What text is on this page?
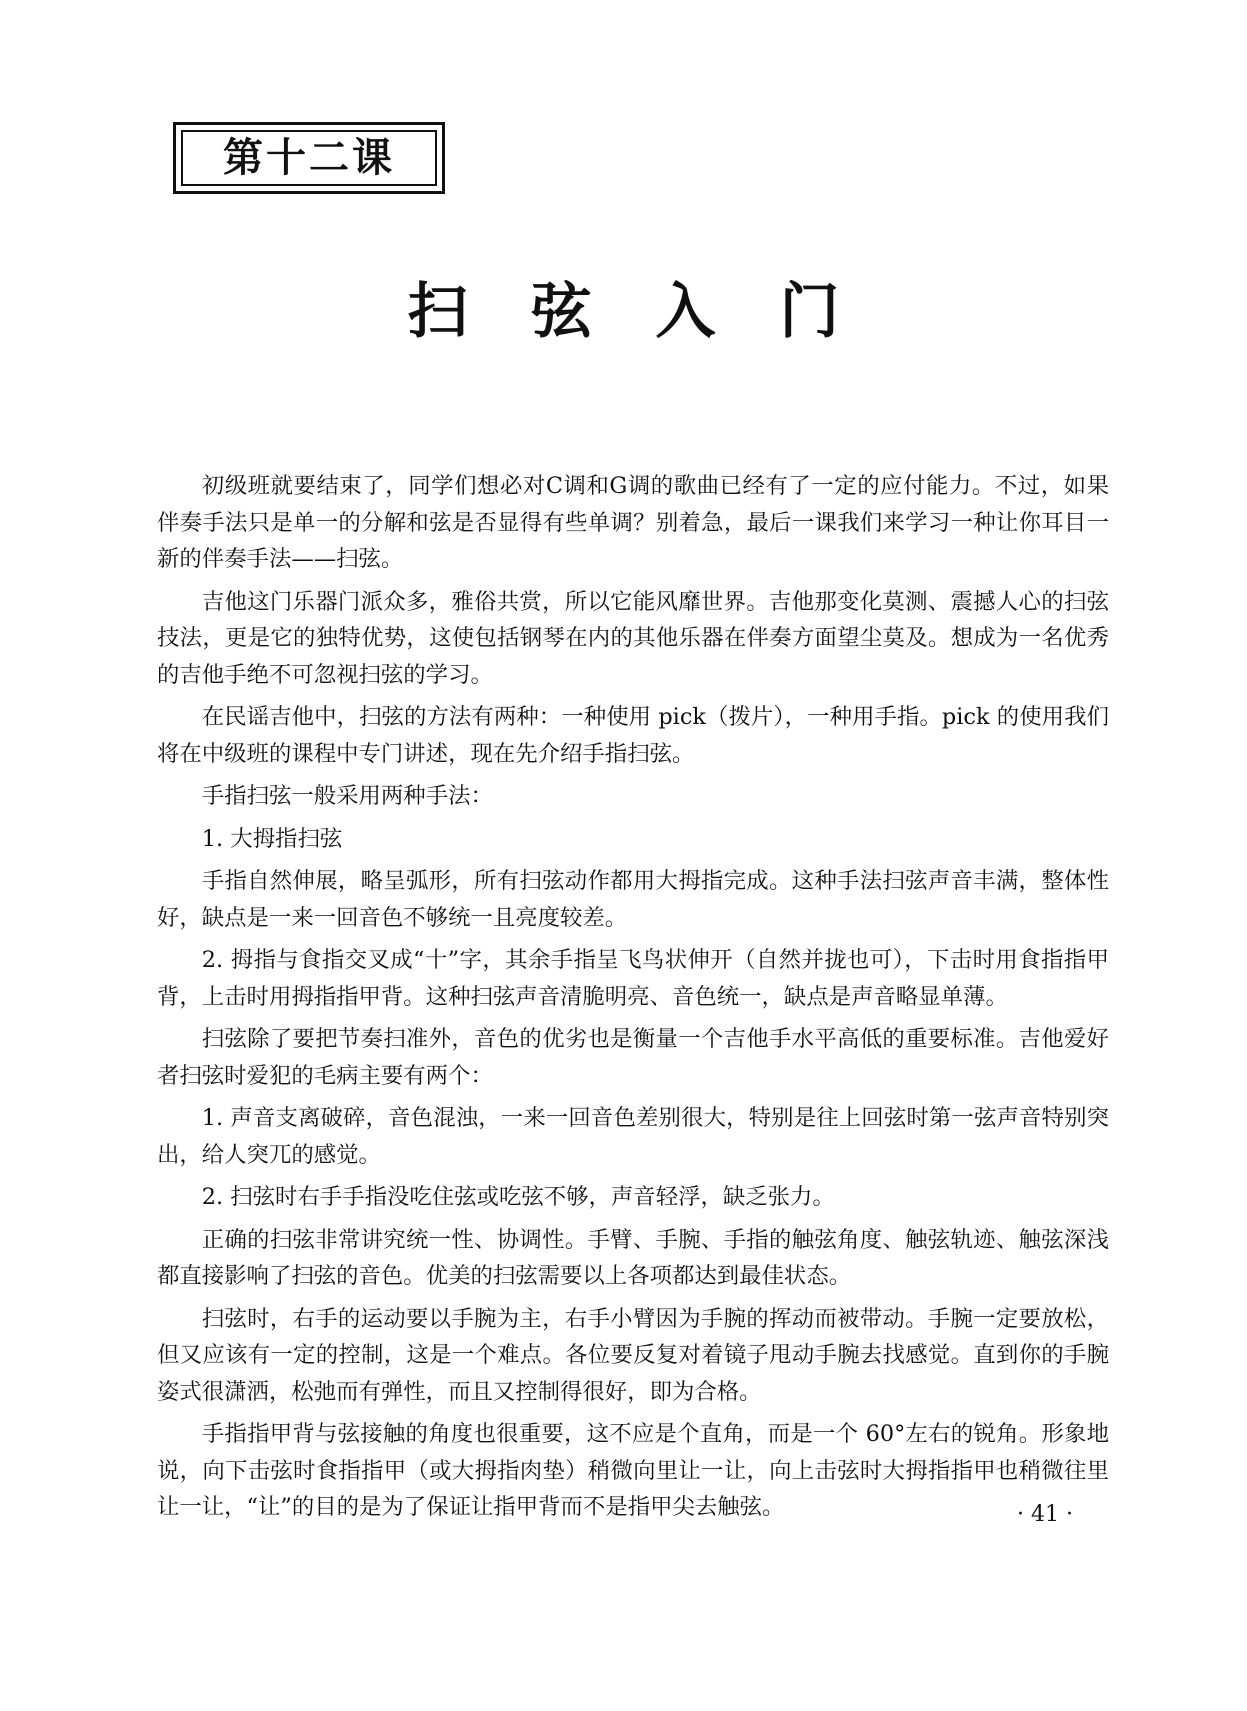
第十二课
扫弦入门

初级班就要结束了，同学们想必对C调和G调的歌曲已经有了一定的应付能力。不过，如果伴奏手法只是单一的分解和弦是否显得有些单调？别着急，最后一课我们来学习一种让你耳目一新的伴奏手法——扫弦。

吉他这门乐器门派众多，雅俗共赏，所以它能风靡世界。吉他那变化莫测、震撼人心的扫弦技法，更是它的独特优势，这使包括钢琴在内的其他乐器在伴奏方面望尘莫及。想成为一名优秀的吉他手绝不可忽视扫弦的学习。

在民谣吉他中，扫弦的方法有两种：一种使用 pick（拨片），一种用手指。pick 的使用我们将在中级班的课程中专门讲述，现在先介绍手指扫弦。

手指扫弦一般采用两种手法：

1. 大拇指扫弦

手指自然伸展，略呈弧形，所有扫弦动作都用大拇指完成。这种手法扫弦声音丰满，整体性好，缺点是一来一回音色不够统一且亮度较差。

2. 拇指与食指交叉成“十”字，其余手指呈飞鸟状伸开（自然并拢也可），下击时用食指指甲背，上击时用拇指指甲背。这种扫弦声音清脆明亮、音色统一，缺点是声音略显单薄。

扫弦除了要把节奏扫准外，音色的优劣也是衡量一个吉他手水平高低的重要标准。吉他爱好者扫弦时爱犯的毛病主要有两个：

1. 声音支离破碎，音色混浊，一来一回音色差别很大，特别是往上回弦时第一弦声音特别突出，给人突兀的感觉。

2. 扫弦时右手手指没吃住弦或吃弦不够，声音轻浮，缺乏张力。

正确的扫弦非常讲究统一性、协调性。手臂、手腕、手指的触弦角度、触弦轨迹、触弦深浅都直接影响了扫弦的音色。优美的扫弦需要以上各项都达到最佳状态。

扫弦时，右手的运动要以手腕为主，右手小臂因为手腕的挥动而被带动。手腕一定要放松，但又应该有一定的控制，这是一个难点。各位要反复对着镜子甩动手腕去找感觉。直到你的手腕姿式很潇洒，松弛而有弹性，而且又控制得很好，即为合格。

手指指甲背与弦接触的角度也很重要，这不应是个直角，而是一个 60°左右的锐角。形象地说，向下击弦时食指指甲（或大拇指肉垫）稍微向里让一让，向上击弦时大拇指指甲也稍微往里让一让，“让”的目的是为了保证让指甲背而不是指甲尖去触弦。	· 41 ·
